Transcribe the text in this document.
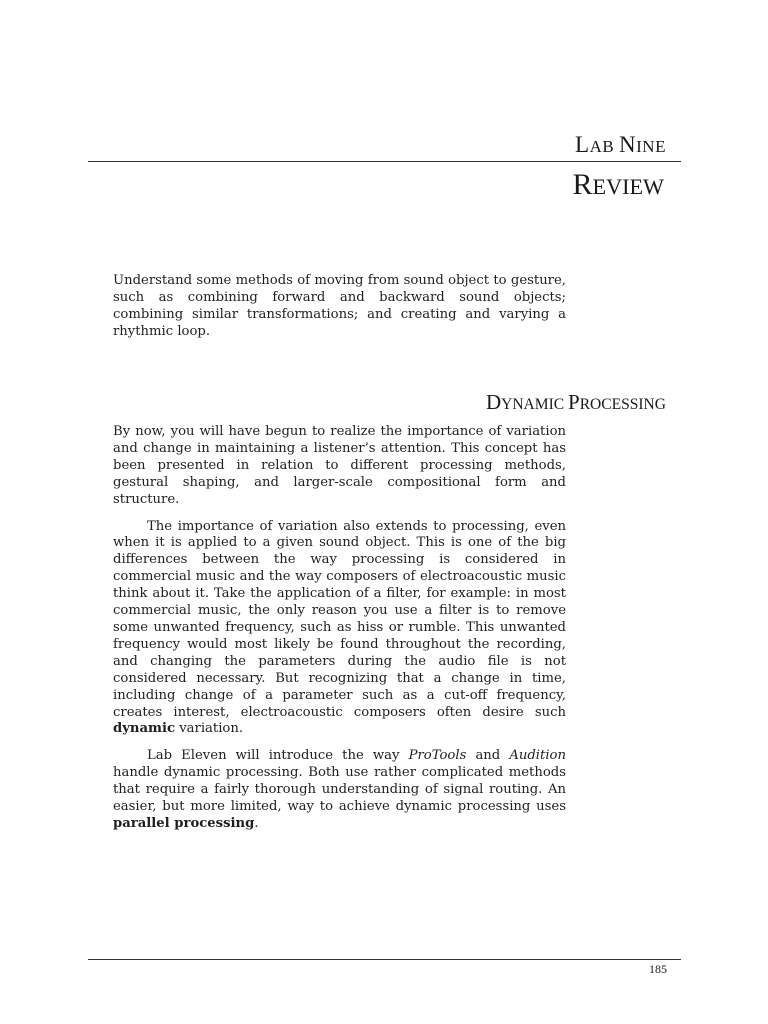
LAB NINE
REVIEW

Understand some methods of moving from sound object to gesture, such as combining forward and backward sound objects; combining similar transformations; and creating and varying a rhythmic loop.

DYNAMIC PROCESSING

By now, you will have begun to realize the importance of variation and change in maintaining a listener’s attention. This concept has been presented in relation to different processing methods, gestural shaping, and larger-scale compositional form and structure.

The importance of variation also extends to processing, even when it is applied to a given sound object. This is one of the big differences between the way processing is considered in commercial music and the way composers of electroacoustic music think about it. Take the application of a filter, for example: in most commercial music, the only reason you use a filter is to remove some unwanted frequency, such as hiss or rumble. This unwanted frequency would most likely be found throughout the recording, and changing the parameters during the audio file is not considered necessary. But recognizing that a change in time, including change of a parameter such as a cut-off frequency, creates interest, electroacoustic composers often desire such dynamic variation.

Lab Eleven will introduce the way ProTools and Audition handle dynamic processing. Both use rather complicated methods that require a fairly thorough understanding of signal routing. An easier, but more limited, way to achieve dynamic processing uses parallel processing.

185
